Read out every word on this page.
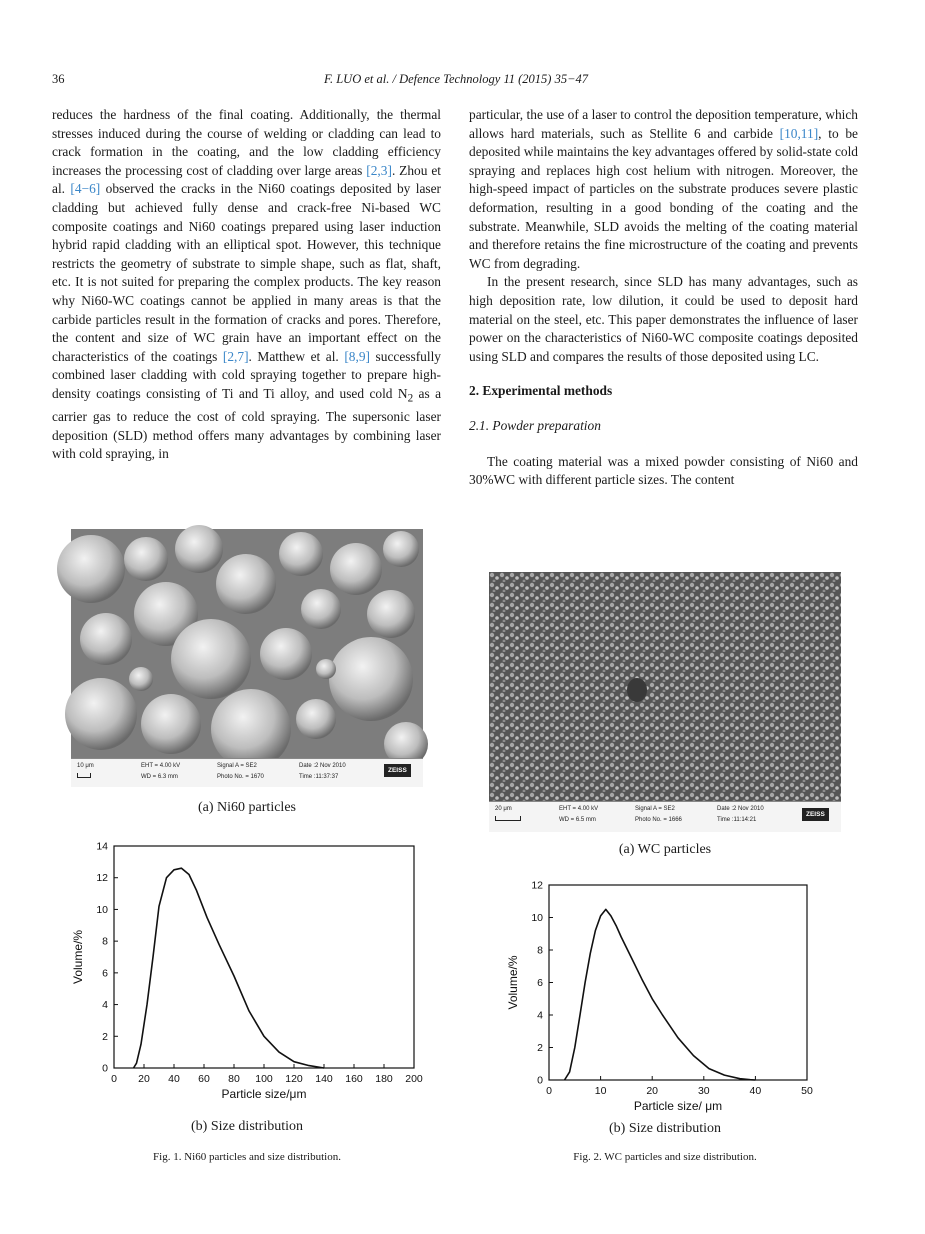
36	F. LUO et al. / Defence Technology 11 (2015) 35−47

reduces the hardness of the final coating. Additionally, the thermal stresses induced during the course of welding or cladding can lead to crack formation in the coating, and the low cladding efficiency increases the processing cost of cladding over large areas [2,3]. Zhou et al. [4−6] observed the cracks in the Ni60 coatings deposited by laser cladding but achieved fully dense and crack-free Ni-based WC composite coatings and Ni60 coatings prepared using laser induction hybrid rapid cladding with an elliptical spot. However, this technique restricts the geometry of substrate to simple shape, such as flat, shaft, etc. It is not suited for preparing the complex products. The key reason why Ni60-WC coatings cannot be applied in many areas is that the carbide particles result in the formation of cracks and pores. Therefore, the content and size of WC grain have an important effect on the characteristics of the coatings [2,7]. Matthew et al. [8,9] successfully combined laser cladding with cold spraying together to prepare high-density coatings consisting of Ti and Ti alloy, and used cold $N_2$ as a carrier gas to reduce the cost of cold spraying. The supersonic laser deposition (SLD) method offers many advantages by combining laser with cold spraying, in

particular, the use of a laser to control the deposition temperature, which allows hard materials, such as Stellite 6 and carbide [10,11], to be deposited while maintains the key advantages offered by solid-state cold spraying and replaces high cost helium with nitrogen. Moreover, the high-speed impact of particles on the substrate produces severe plastic deformation, resulting in a good bonding of the coating and the substrate. Meanwhile, SLD avoids the melting of the coating material and therefore retains the fine microstructure of the coating and prevents WC from degrading.

In the present research, since SLD has many advantages, such as high deposition rate, low dilution, it could be used to deposit hard material on the steel, etc. This paper demonstrates the influence of laser power on the characteristics of Ni60-WC composite coatings deposited using SLD and compares the results of those deposited using LC.

2. Experimental methods

2.1. Powder preparation

The coating material was a mixed powder consisting of Ni60 and 30%WC with different particle sizes. The content

10 μm	EHT = 4.00 kV
WD = 6.3 mm
Signal A = SE2
Photo No. = 1670
Date :2 Nov 2010
Time :11:37:37
ZEISS
(a) Ni60 particles
0 20 40 60 80 100 120 140 160 180 200
0
2
4
6
8
10
12
14
Particle size/μm
Volume/%
(b) Size distribution
Fig. 1. Ni60 particles and size distribution.
20 μm	EHT = 4.00 kV
WD = 6.5 mm
Signal A = SE2
Photo No. = 1666
Date :2 Nov 2010
Time :11:14:21
ZEISS
(a) WC particles
0	10	20	30	40	50
0
2
4
6
8
10
12
Particle size/ μm
Volume/%
(b) Size distribution
Fig. 2. WC particles and size distribution.
